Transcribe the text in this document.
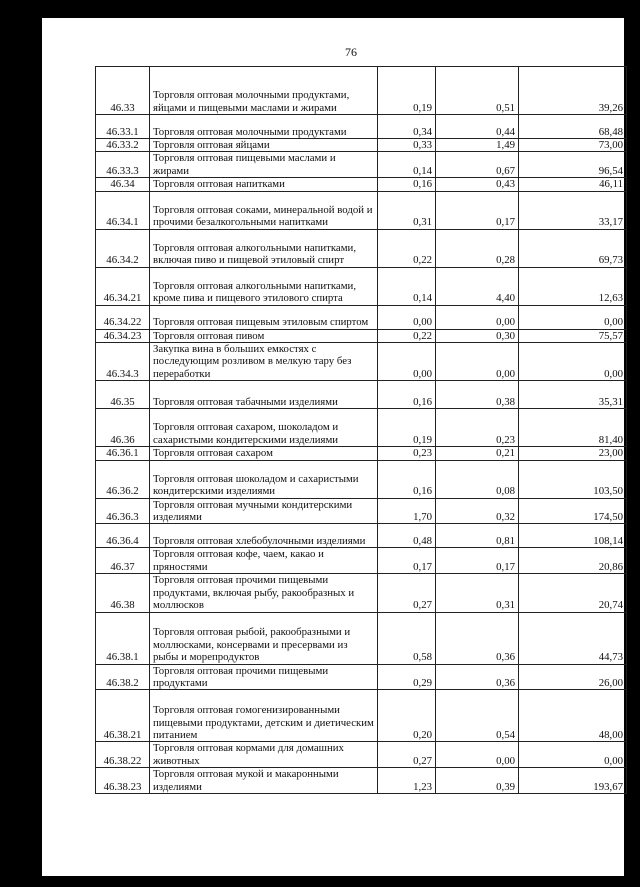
76
46.33	Торговля оптовая молочными продуктами, яйцами и пищевыми маслами и жирами	0,19	0,51	39,26
46.33.1	Торговля оптовая молочными продуктами	0,34	0,44	68,48
46.33.2	Торговля оптовая яйцами	0,33	1,49	73,00
46.33.3	Торговля оптовая пищевыми маслами и жирами	0,14	0,67	96,54
46.34	Торговля оптовая напитками	0,16	0,43	46,11
46.34.1	Торговля оптовая соками, минеральной водой и прочими безалкогольными напитками	0,31	0,17	33,17
46.34.2	Торговля оптовая алкогольными напитками, включая пиво и пищевой этиловый спирт	0,22	0,28	69,73
46.34.21	Торговля оптовая алкогольными напитками, кроме пива и пищевого этилового спирта	0,14	4,40	12,63
46.34.22	Торговля оптовая пищевым этиловым спиртом	0,00	0,00	0,00
46.34.23	Торговля оптовая пивом	0,22	0,30	75,57
46.34.3	Закупка вина в больших емкостях с последующим розливом в мелкую тару без переработки	0,00	0,00	0,00
46.35	Торговля оптовая табачными изделиями	0,16	0,38	35,31
46.36	Торговля оптовая сахаром, шоколадом и сахаристыми кондитерскими изделиями	0,19	0,23	81,40
46.36.1	Торговля оптовая сахаром	0,23	0,21	23,00
46.36.2	Торговля оптовая шоколадом и сахаристыми кондитерскими изделиями	0,16	0,08	103,50
46.36.3	Торговля оптовая мучными кондитерскими изделиями	1,70	0,32	174,50
46.36.4	Торговля оптовая хлебобулочными изделиями	0,48	0,81	108,14
46.37	Торговля оптовая кофе, чаем, какао и пряностями	0,17	0,17	20,86
46.38	Торговля оптовая прочими пищевыми продуктами, включая рыбу, ракообразных и моллюсков	0,27	0,31	20,74
46.38.1	Торговля оптовая рыбой, ракообразными и моллюсками, консервами и пресервами из рыбы и морепродуктов	0,58	0,36	44,73
46.38.2	Торговля оптовая прочими пищевыми продуктами	0,29	0,36	26,00
46.38.21	Торговля оптовая гомогенизированными пищевыми продуктами, детским и диетическим питанием	0,20	0,54	48,00
46.38.22	Торговля оптовая кормами для домашних животных	0,27	0,00	0,00
46.38.23	Торговля оптовая мукой и макаронными изделиями	1,23	0,39	193,67
